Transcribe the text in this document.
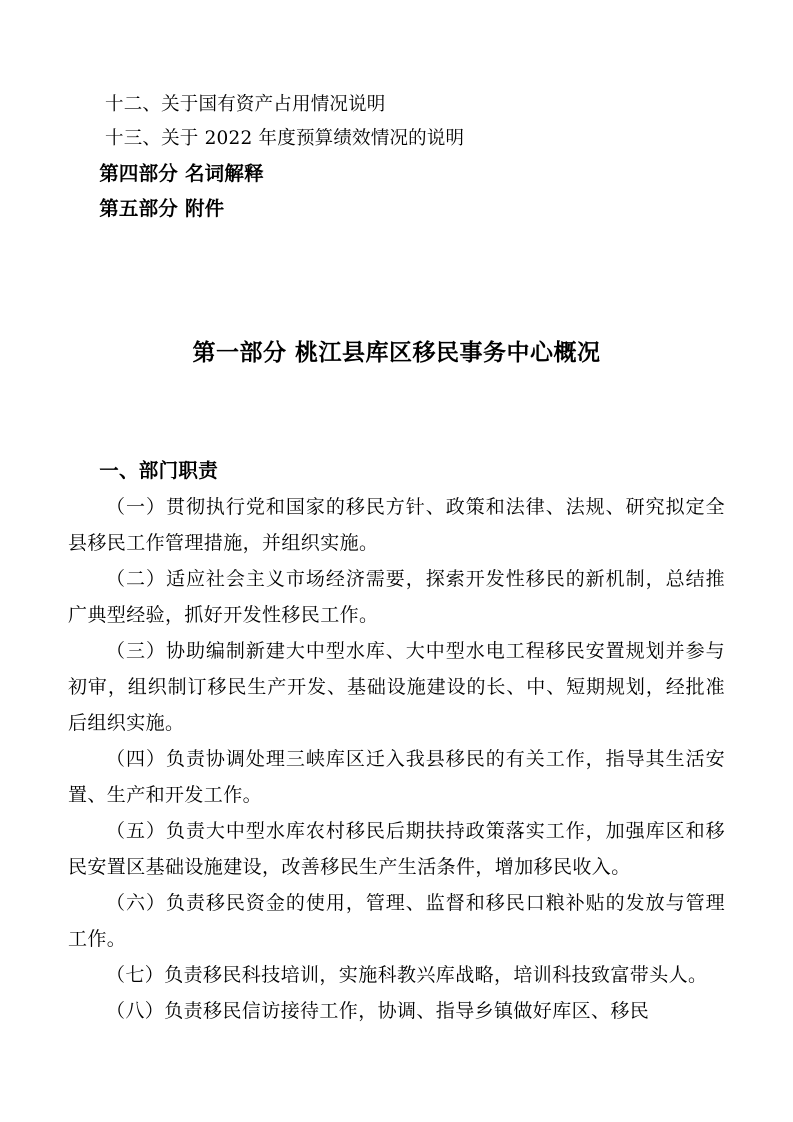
十二、关于国有资产占用情况说明
十三、关于 2022 年度预算绩效情况的说明
第四部分 名词解释
第五部分 附件
第一部分 桃江县库区移民事务中心概况
一、部门职责

（一）贯彻执行党和国家的移民方针、政策和法律、法规、研究拟定全县移民工作管理措施，并组织实施。

（二）适应社会主义市场经济需要，探索开发性移民的新机制，总结推广典型经验，抓好开发性移民工作。

（三）协助编制新建大中型水库、大中型水电工程移民安置规划并参与初审，组织制订移民生产开发、基础设施建设的长、中、短期规划，经批准后组织实施。

（四）负责协调处理三峡库区迁入我县移民的有关工作，指导其生活安置、生产和开发工作。

（五）负责大中型水库农村移民后期扶持政策落实工作，加强库区和移民安置区基础设施建设，改善移民生产生活条件，增加移民收入。

（六）负责移民资金的使用，管理、监督和移民口粮补贴的发放与管理工作。

（七）负责移民科技培训，实施科教兴库战略，培训科技致富带头人。

（八）负责移民信访接待工作，协调、指导乡镇做好库区、移民
